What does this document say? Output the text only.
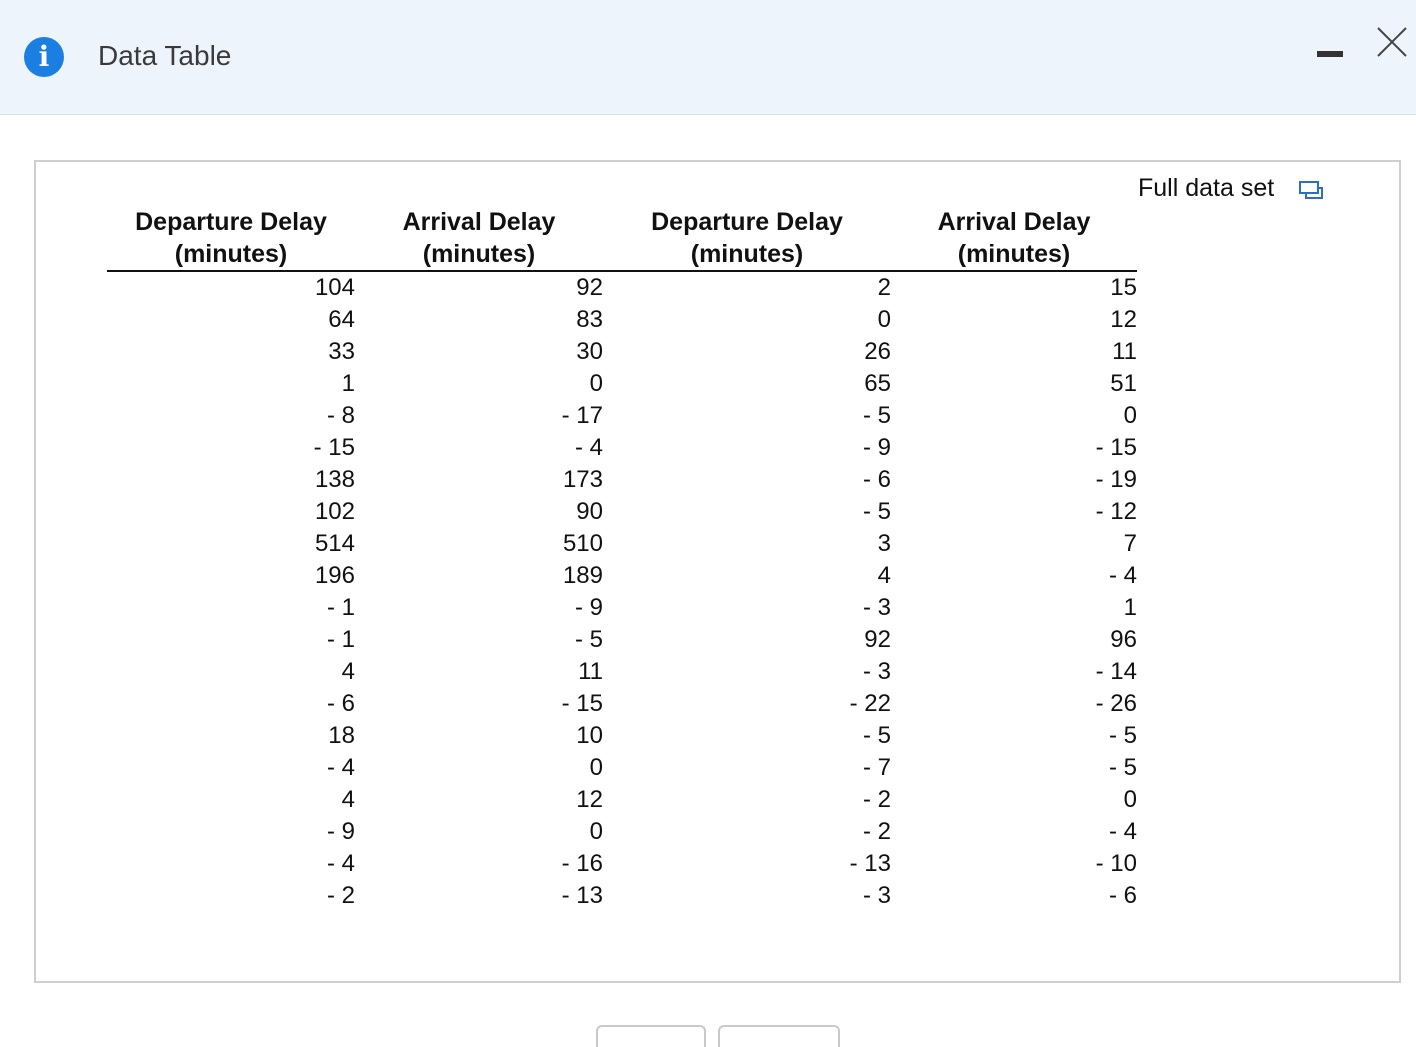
i	Data Table
Full data set
Departure Delay
(minutes)	Arrival Delay
(minutes)	Departure Delay
(minutes)	Arrival Delay
(minutes)
104	92	2	15
64	83	0	12
33	30	26	11
1	0	65	51
- 8	- 17	- 5	0
- 15	- 4	- 9	- 15
138	173	- 6	- 19
102	90	- 5	- 12
514	510	3	7
196	189	4	- 4
- 1	- 9	- 3	1
- 1	- 5	92	96
4	11	- 3	- 14
- 6	- 15	- 22	- 26
18	10	- 5	- 5
- 4	0	- 7	- 5
4	12	- 2	0
- 9	0	- 2	- 4
- 4	- 16	- 13	- 10
- 2	- 13	- 3	- 6
